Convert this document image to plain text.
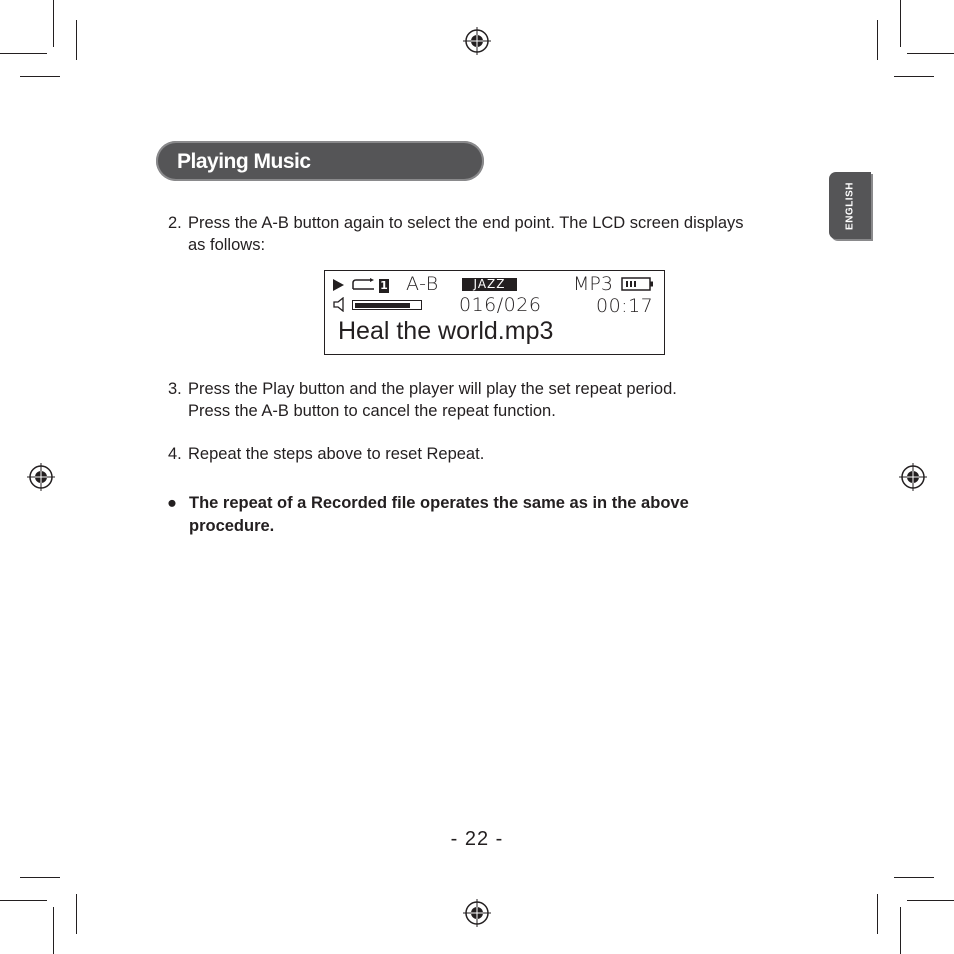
Playing Music
ENGLISH
2. Press the A-B button again to select the end point. The LCD screen displays
as follows:
1 A-B	JAZZ	MP3
016/026	00:17
Heal the world.mp3
3. Press the Play button and the player will play the set repeat period.
Press the A-B button to cancel the repeat function.
4. Repeat the steps above to reset Repeat.
● The repeat of a Recorded file operates the same as in the above
procedure.
- 22 -
